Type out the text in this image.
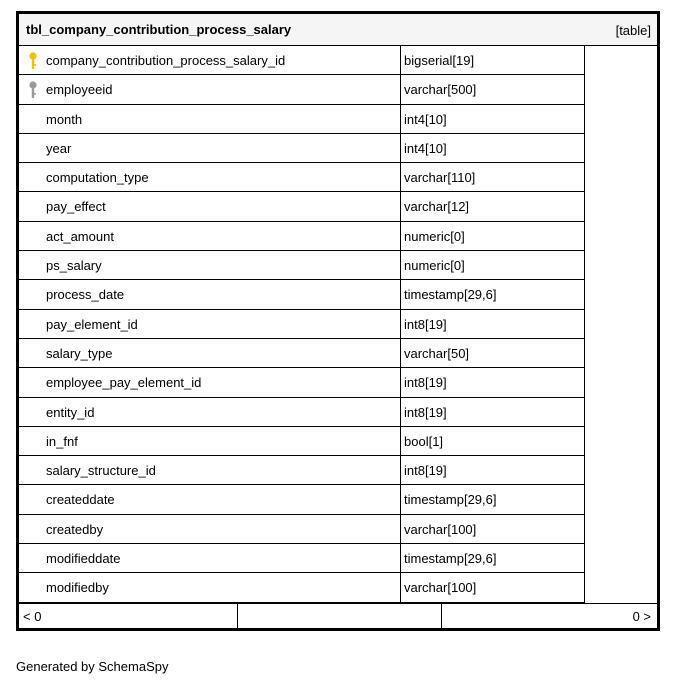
tbl_company_contribution_process_salary	[table]
company_contribution_process_salary_id	bigserial[19]
employeeid	varchar[500]
month	int4[10]
year	int4[10]
computation_type	varchar[110]
pay_effect	varchar[12]
act_amount	numeric[0]
ps_salary	numeric[0]
process_date	timestamp[29,6]
pay_element_id	int8[19]
salary_type	varchar[50]
employee_pay_element_id	int8[19]
entity_id	int8[19]
in_fnf	bool[1]
salary_structure_id	int8[19]
createddate	timestamp[29,6]
createdby	varchar[100]
modifieddate	timestamp[29,6]
modifiedby	varchar[100]
< 0	0 >
Generated by SchemaSpy
